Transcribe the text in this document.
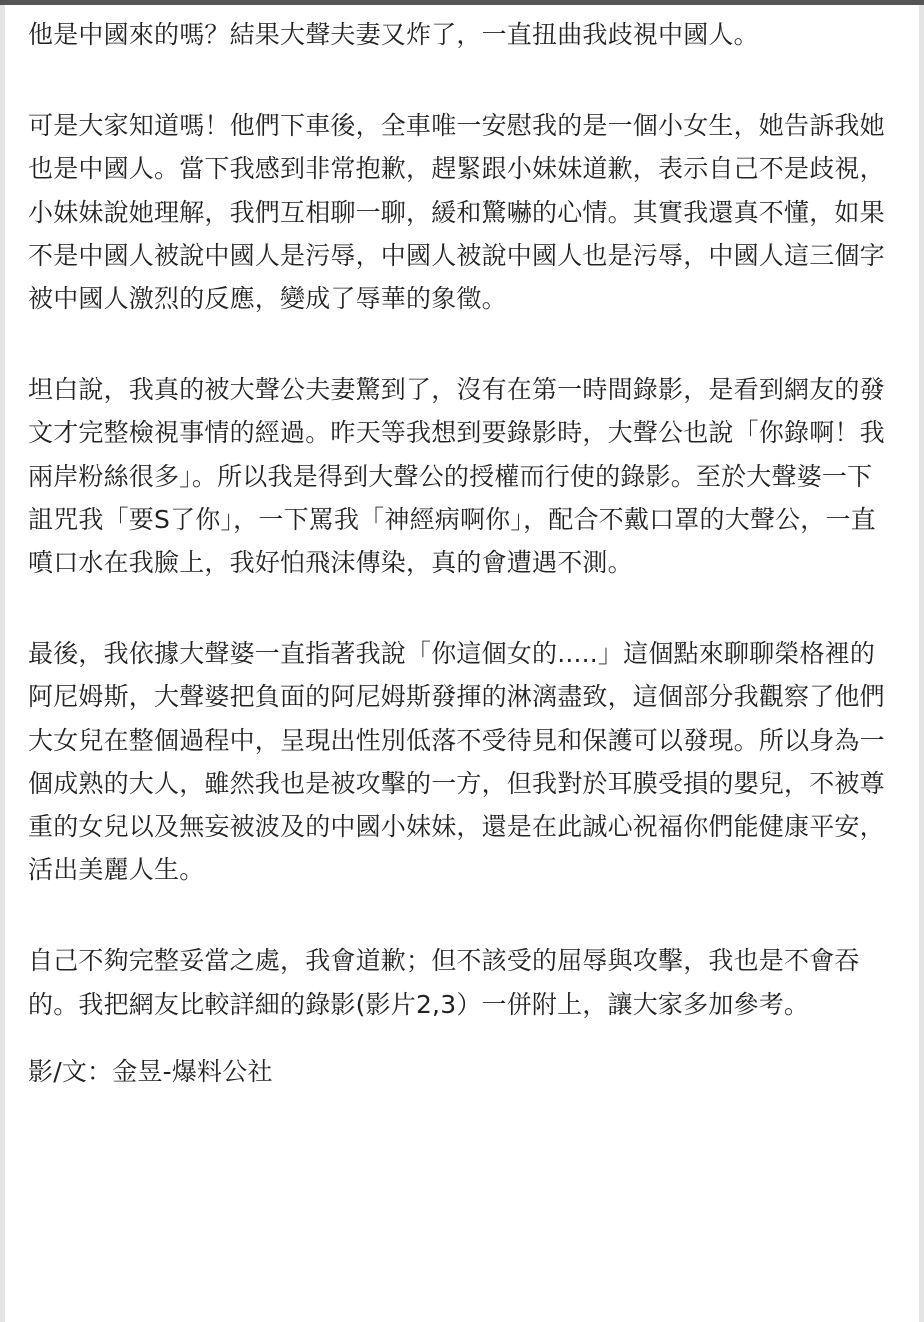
他是中國來的嗎？結果大聲夫妻又炸了，一直扭曲我歧視中國人。

可是大家知道嗎！他們下車後，全車唯一安慰我的是一個小女生，她告訴我她也是中國人。當下我感到非常抱歉，趕緊跟小妹妹道歉，表示自己不是歧視，小妹妹說她理解，我們互相聊一聊，緩和驚嚇的心情。其實我還真不懂，如果不是中國人被說中國人是污辱，中國人被說中國人也是污辱，中國人這三個字被中國人激烈的反應，變成了辱華的象徵。

坦白說，我真的被大聲公夫妻驚到了，沒有在第一時間錄影，是看到網友的發文才完整檢視事情的經過。昨天等我想到要錄影時，大聲公也說「你錄啊！我兩岸粉絲很多」。所以我是得到大聲公的授權而行使的錄影。至於大聲婆一下詛咒我「要S了你」，一下罵我「神經病啊你」，配合不戴口罩的大聲公，一直噴口水在我臉上，我好怕飛沫傳染，真的會遭遇不測。

最後，我依據大聲婆一直指著我說「你這個女的.....」這個點來聊聊榮格裡的阿尼姆斯，大聲婆把負面的阿尼姆斯發揮的淋漓盡致，這個部分我觀察了他們大女兒在整個過程中，呈現出性別低落不受待見和保護可以發現。所以身為一個成熟的大人，雖然我也是被攻擊的一方，但我對於耳膜受損的嬰兒，不被尊重的女兒以及無妄被波及的中國小妹妹，還是在此誠心祝福你們能健康平安，活出美麗人生。

自己不夠完整妥當之處，我會道歉；但不該受的屈辱與攻擊，我也是不會吞的。我把網友比較詳細的錄影(影片2,3）一併附上，讓大家多加參考。

影/文：金昱-爆料公社
